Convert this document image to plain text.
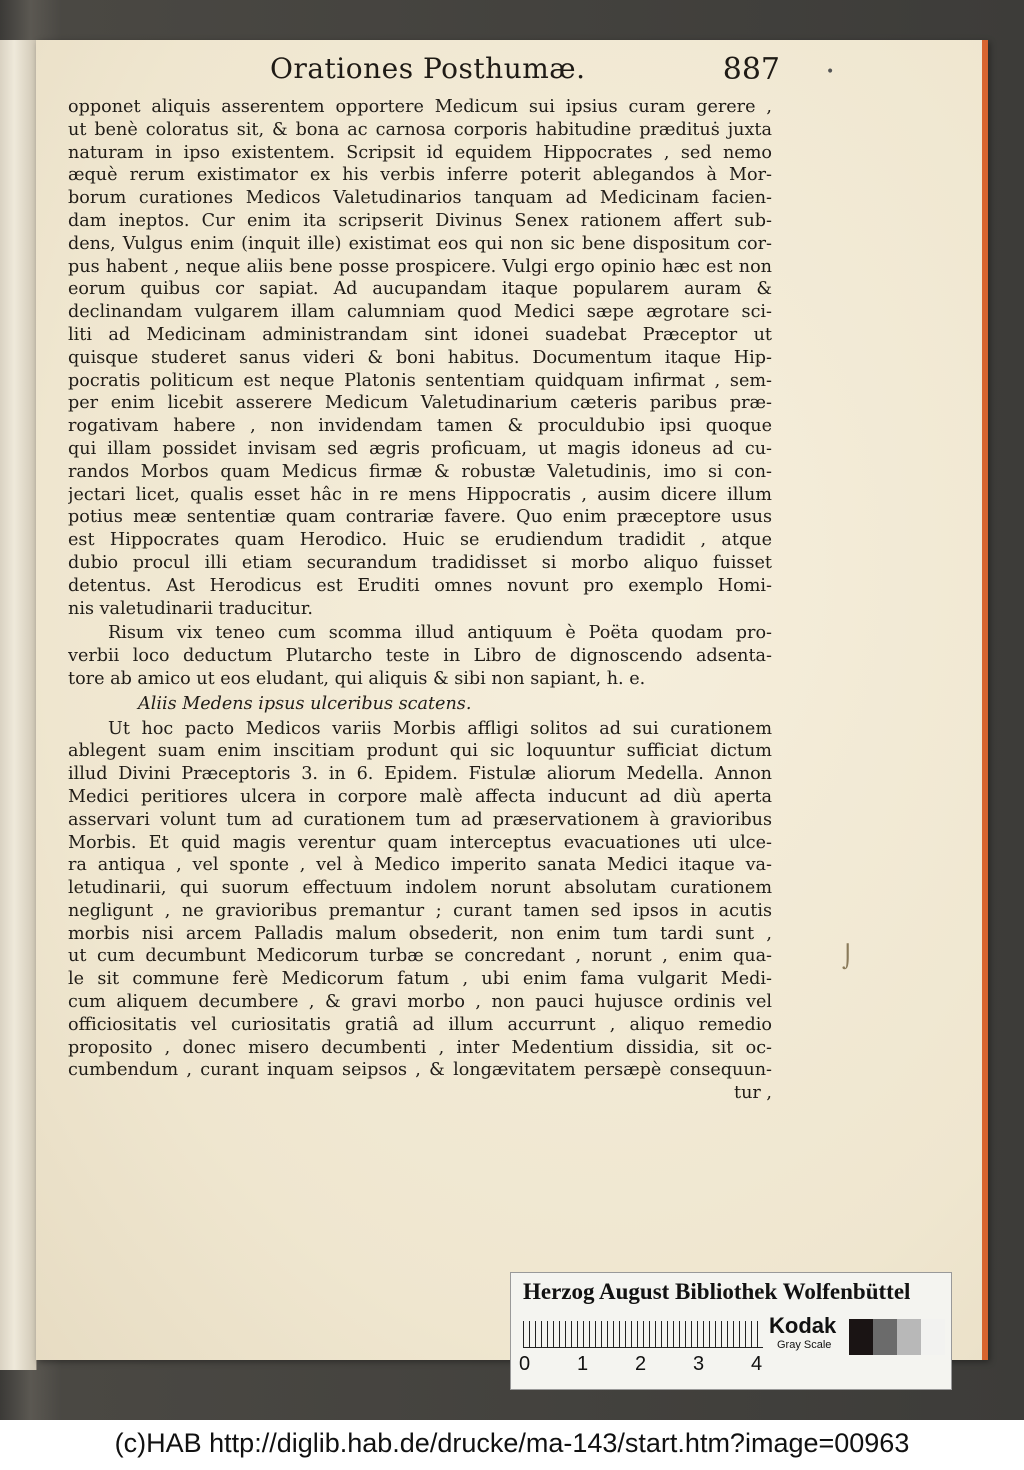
•
Orationes Posthumæ.	887
opponet aliquis asserentem opportere Medicum sui ipsius curam gerere ,
ut benè coloratus sit, & bona ac carnosa corporis habitudine prædituṡ juxta
naturam in ipso existentem. Scripsit id equidem Hippocrates , sed nemo
æquè rerum existimator ex his verbis inferre poterit ablegandos à Mor-
borum curationes Medicos Valetudinarios tanquam ad Medicinam facien-
dam ineptos. Cur enim ita scripserit Divinus Senex rationem affert sub-
dens, Vulgus enim (inquit ille) existimat eos qui non sic bene dispositum cor-
pus habent , neque aliis bene posse prospicere. Vulgi ergo opinio hæc est non
eorum quibus cor sapiat. Ad aucupandam itaque popularem auram &
declinandam vulgarem illam calumniam quod Medici sæpe ægrotare sci-
liti ad Medicinam administrandam sint idonei suadebat Præceptor ut
quisque studeret sanus videri & boni habitus. Documentum itaque Hip-
pocratis politicum est neque Platonis sententiam quidquam infirmat , sem-
per enim licebit asserere Medicum Valetudinarium cæteris paribus præ-
rogativam habere , non invidendam tamen & proculdubio ipsi quoque
qui illam possidet invisam sed ægris proficuam, ut magis idoneus ad cu-
randos Morbos quam Medicus firmæ & robustæ Valetudinis, imo si con-
jectari licet, qualis esset hâc in re mens Hippocratis , ausim dicere illum
potius meæ sententiæ quam contrariæ favere. Quo enim præceptore usus
est Hippocrates quam Herodico. Huic se erudiendum tradidit , atque
dubio procul illi etiam securandum tradidisset si morbo aliquo fuisset
detentus. Ast Herodicus est Eruditi omnes novunt pro exemplo Homi-
nis valetudinarii traducitur.
Risum vix teneo cum scomma illud antiquum è Poëta quodam pro-
verbii loco deductum Plutarcho teste in Libro de dignoscendo adsenta-
tore ab amico ut eos eludant, qui aliquis & sibi non sapiant, h. e.
Aliis Medens ipsus ulceribus scatens.
Ut hoc pacto Medicos variis Morbis affligi solitos ad sui curationem
ablegent suam enim inscitiam produnt qui sic loquuntur sufficiat dictum
illud Divini Præceptoris 3. in 6. Epidem. Fistulæ aliorum Medella. Annon
Medici peritiores ulcera in corpore malè affecta inducunt ad diù aperta
asservari volunt tum ad curationem tum ad præservationem à gravioribus
Morbis. Et quid magis verentur quam interceptus evacuationes uti ulce-
ra antiqua , vel sponte , vel à Medico imperito sanata Medici itaque va-
letudinarii, qui suorum effectuum indolem norunt absolutam curationem
negligunt , ne gravioribus premantur ; curant tamen sed ipsos in acutis
morbis nisi arcem Palladis malum obsederit, non enim tum tardi sunt ,
ut cum decumbunt Medicorum turbæ se concredant , norunt , enim qua-
le sit commune ferè Medicorum fatum , ubi enim fama vulgarit Medi-
cum aliquem decumbere , & gravi morbo , non pauci hujusce ordinis vel
officiositatis vel curiositatis gratiâ ad illum accurrunt , aliquo remedio
proposito , donec misero decumbenti , inter Medentium dissidia, sit oc-
cumbendum , curant inquam seipsos , & longævitatem persæpè consequun-
tur ,
⌡
Herzog August Bibliothek Wolfenbüttel
0 1 2 3 4
Kodak
Gray Scale
(c)HAB http://diglib.hab.de/drucke/ma-143/start.htm?image=00963
